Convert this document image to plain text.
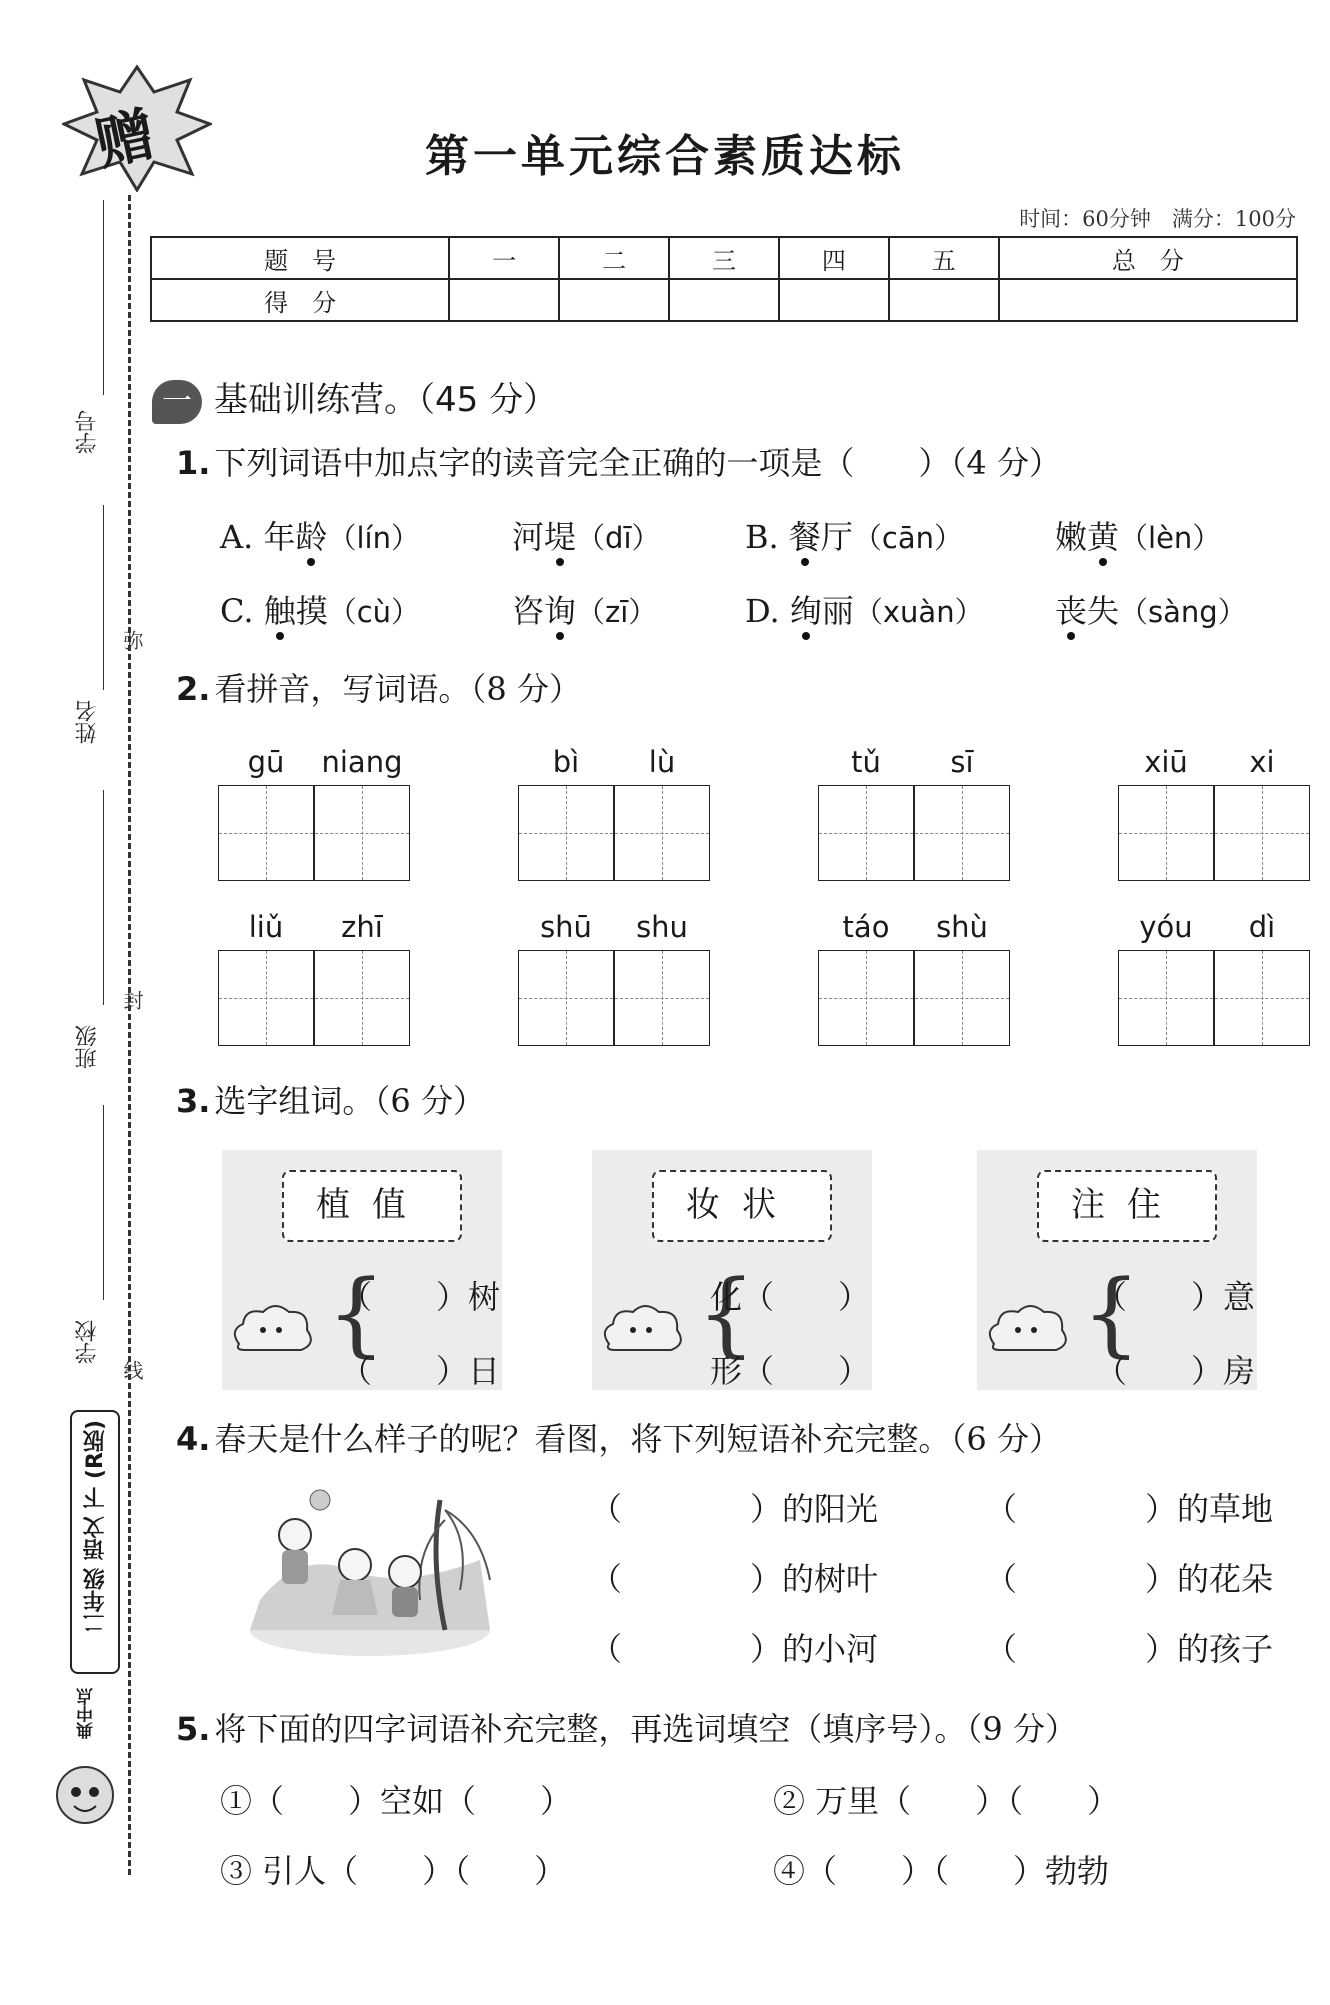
赠
学号
姓名
班级
学校
弥
封
线
二年级 语文 下 (R版)
典中点
第一单元综合素质达标
时间：60分钟　满分：100分
题　号	一	二	三	四	五	总　分
得　分						
一 基础训练营。（45 分）
1. 下列词语中加点字的读音完全正确的一项是（　　）（4 分）
A. 年龄（lín）	河堤（dī）	B. 餐厅（cān）	嫩黄（lèn）
C. 触摸（cù）	咨询（zī）	D. 绚丽（xuàn） 丧失（sàng）
2. 看拼音，写词语。（8 分）
gū	niang	bì	lù	tǔ	sī	xiū	xi
liǔ	zhī	shū	shu	táo	shù	yóu	dì
3. 选字组词。（6 分）
植值
{
（　　）树
（　　）日
妆状
{
化（　　）
形（　　）
注住
{
（　　）意
（　　）房
4. 春天是什么样子的呢？看图，将下列短语补充完整。（6 分）
（　　　　）的阳光	（　　　　）的草地
（　　　　）的树叶	（　　　　）的花朵
（　　　　）的小河	（　　　　）的孩子
5. 将下面的四字词语补充完整，再选词填空（填序号）。（9 分）
①（　　）空如（　　）	② 万里（　　）（　　）
③ 引人（　　）（　　）	④（　　）（　　）勃勃
